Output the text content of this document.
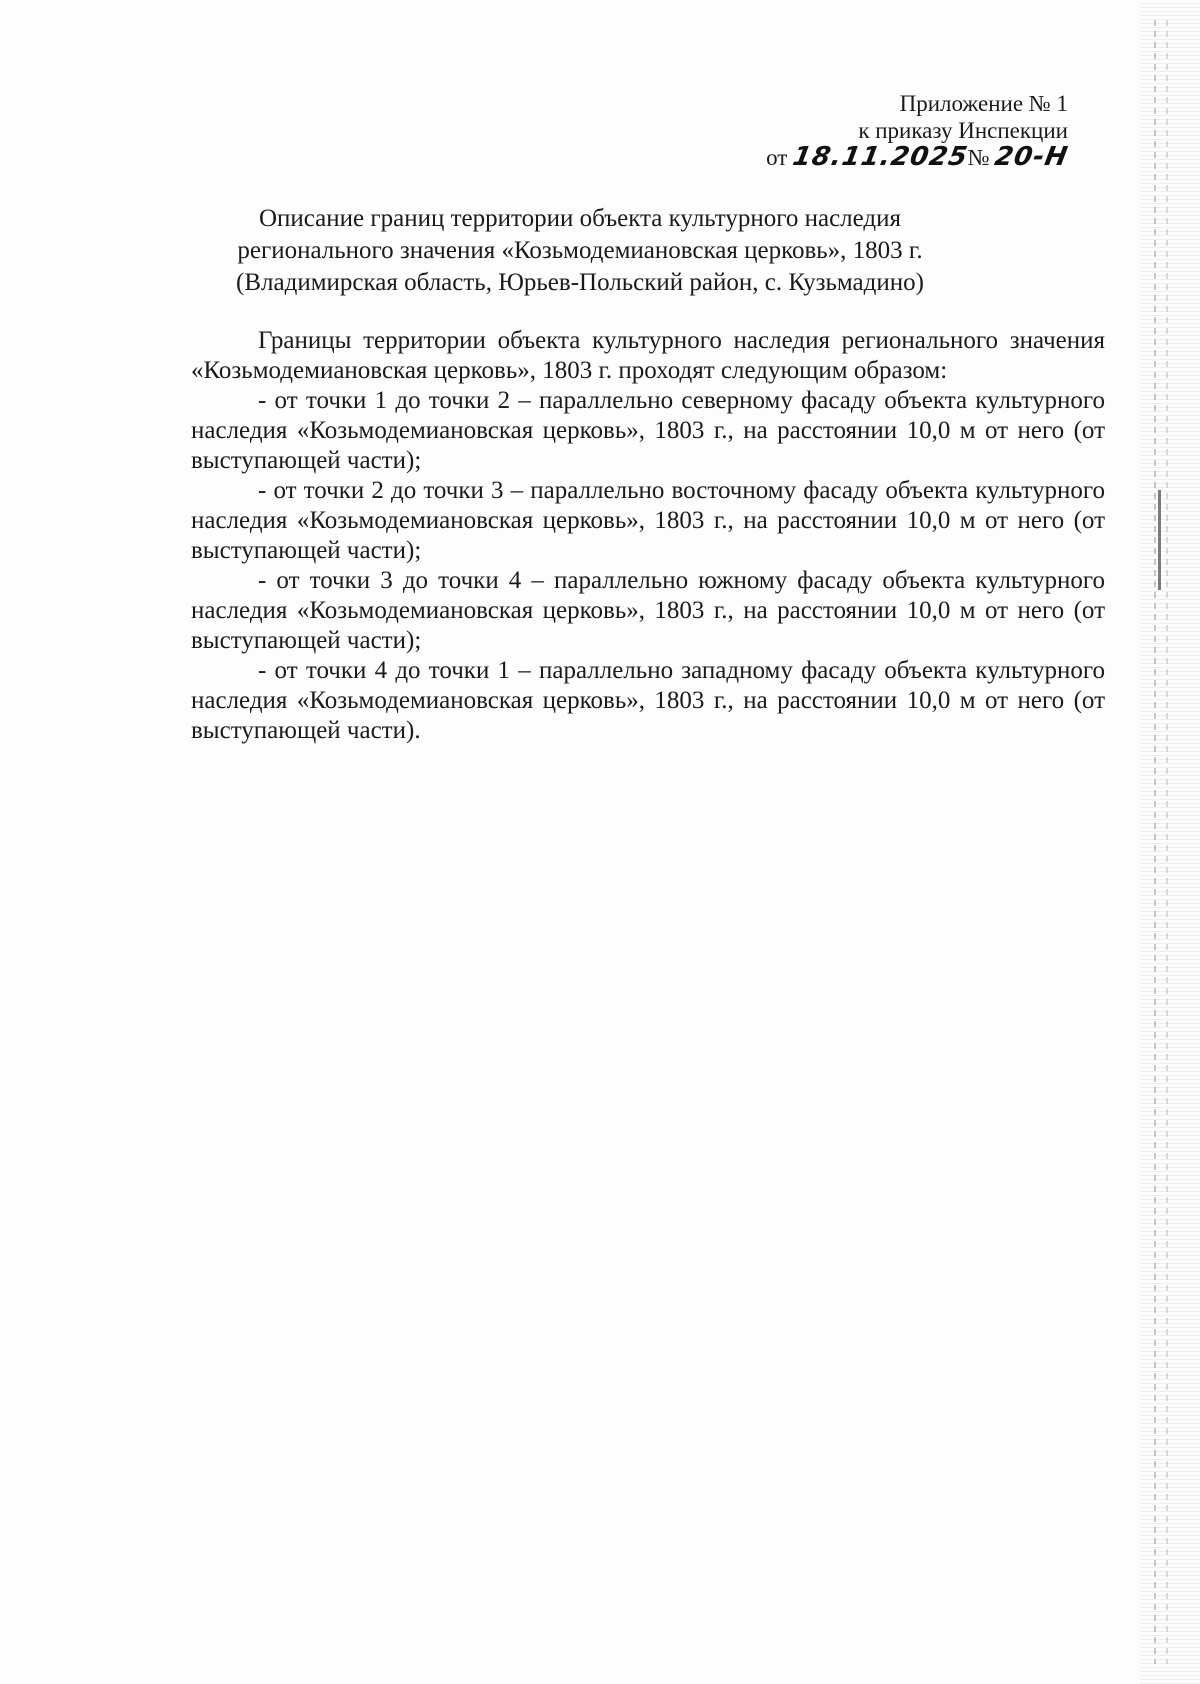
Приложение № 1
к приказу Инспекции
от 18.11.2025№ 20-Н
Описание границ территории объекта культурного наследия
регионального значения «Козьмодемиановская церковь», 1803 г.
(Владимирская область, Юрьев-Польский район, с. Кузьмадино)

Границы территории объекта культурного наследия регионального значения «Козьмодемиановская церковь», 1803 г. проходят следующим образом:

- от точки 1 до точки 2 – параллельно северному фасаду объекта культурного наследия «Козьмодемиановская церковь», 1803 г., на расстоянии 10,0 м от него (от выступающей части);

- от точки 2 до точки 3 – параллельно восточному фасаду объекта культурного наследия «Козьмодемиановская церковь», 1803 г., на расстоянии 10,0 м от него (от выступающей части);

- от точки 3 до точки 4 – параллельно южному фасаду объекта культурного наследия «Козьмодемиановская церковь», 1803 г., на расстоянии 10,0 м от него (от выступающей части);

- от точки 4 до точки 1 – параллельно западному фасаду объекта культурного наследия «Козьмодемиановская церковь», 1803 г., на расстоянии 10,0 м от него (от выступающей части).
